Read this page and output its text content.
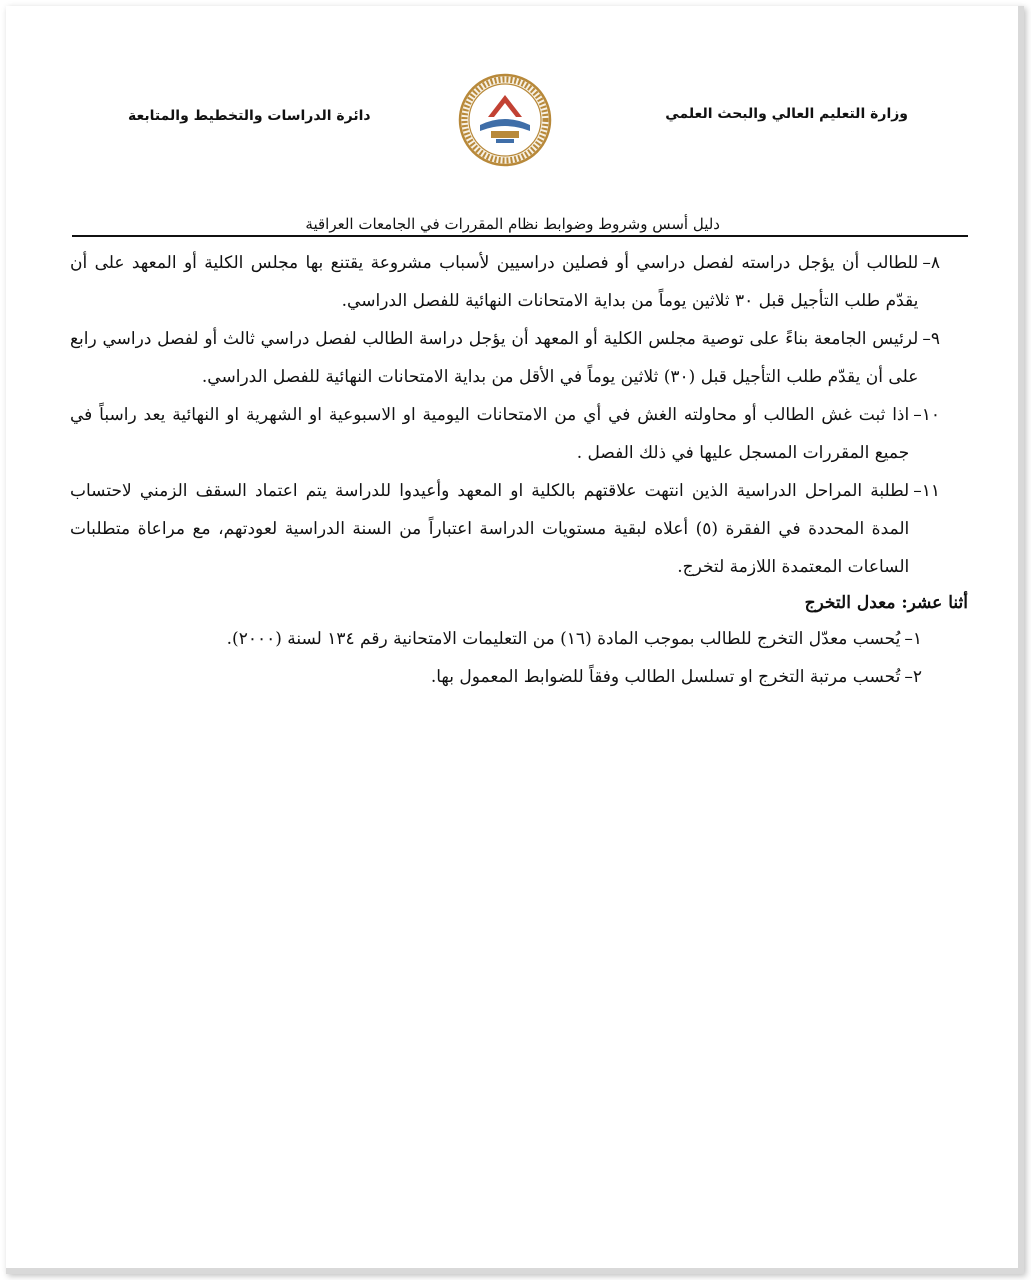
وزارة التعليم العالي والبحث العلمي
دائرة الدراسات والتخطيط والمتابعة
دليل أسس وشروط وضوابط نظام المقررات في الجامعات العراقية
٨–
للطالب أن يؤجل دراسته لفصل دراسي أو فصلين دراسيين لأسباب مشروعة يقتنع بها مجلس الكلية أو المعهد على أن يقدّم طلب التأجيل قبل ٣٠ ثلاثين يوماً من بداية الامتحانات النهائية للفصل الدراسي.
٩–
لرئيس الجامعة بناءً على توصية مجلس الكلية أو المعهد أن يؤجل دراسة الطالب لفصل دراسي ثالث أو لفصل دراسي رابع على أن يقدّم طلب التأجيل قبل (٣٠) ثلاثين يوماً في الأقل من بداية الامتحانات النهائية للفصل الدراسي.
١٠–
اذا ثبت غش الطالب أو محاولته الغش في أي من الامتحانات اليومية او الاسبوعية او الشهرية او النهائية يعد راسباً في جميع المقررات المسجل عليها في ذلك الفصل .
١١–
لطلبة المراحل الدراسية الذين انتهت علاقتهم بالكلية او المعهد وأعيدوا للدراسة يتم اعتماد السقف الزمني لاحتساب المدة المحددة في الفقرة (٥) أعلاه لبقية مستويات الدراسة اعتباراً من السنة الدراسية لعودتهم، مع مراعاة متطلبات الساعات المعتمدة اللازمة لتخرج.
أثنا عشر: معدل التخرج
١–
يُحسب معدّل التخرج للطالب بموجب المادة (١٦) من التعليمات الامتحانية رقم ١٣٤ لسنة (٢٠٠٠).
٢–
تُحسب مرتبة التخرج او تسلسل الطالب وفقاً للضوابط المعمول بها.
